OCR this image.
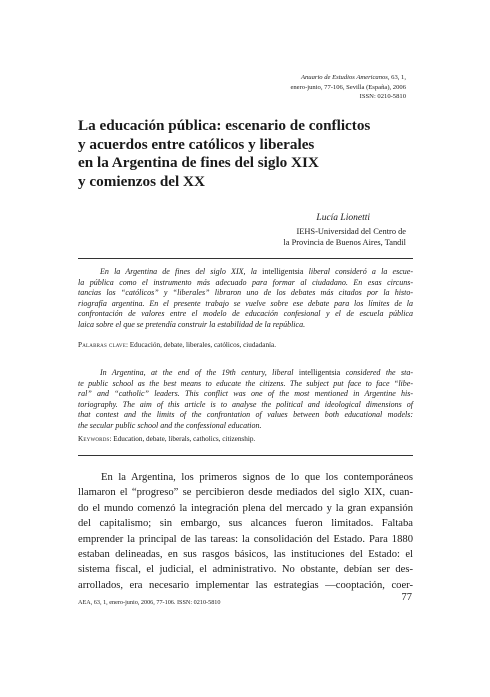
Anuario de Estudios Americanos, 63, 1,
enero-junio, 77-106, Sevilla (España), 2006
ISSN: 0210-5810
La educación pública: escenario de conflictos
y acuerdos entre católicos y liberales
en la Argentina de fines del siglo XIX
y comienzos del XX
Lucía Lionetti
IEHS-Universidad del Centro de
la Provincia de Buenos Aires, Tandil
En la Argentina de fines del siglo XIX, la intelligentsia liberal consideró a la escue-
la pública como el instrumento más adecuado para formar al ciudadano. En esas circuns-
tancias los “católicos” y “liberales” libraron uno de los debates más citados por la histo-
riografía argentina. En el presente trabajo se vuelve sobre ese debate para los límites de la
confrontación de valores entre el modelo de educación confesional y el de escuela pública
laica sobre el que se pretendía construir la estabilidad de la república.
Palabras clave: Educación, debate, liberales, católicos, ciudadanía.
In Argentina, at the end of the 19th century, liberal intelligentsia considered the sta-
te public school as the best means to educate the citizens. The subject put face to face “libe-
ral” and “catholic” leaders. This conflict was one of the most mentioned in Argentine his-
toriography. The aim of this article is to analyse the political and ideological dimensions of
that contest and the limits of the confrontation of values between both educational models:
the secular public school and the confessional education.
Keywords: Education, debate, liberals, catholics, citizenship.
En la Argentina, los primeros signos de lo que los contemporáneos
llamaron el “progreso” se percibieron desde mediados del siglo XIX, cuan-
do el mundo comenzó la integración plena del mercado y la gran expansión
del capitalismo; sin embargo, sus alcances fueron limitados. Faltaba
emprender la principal de las tareas: la consolidación del Estado. Para 1880
estaban delineadas, en sus rasgos básicos, las instituciones del Estado: el
sistema fiscal, el judicial, el administrativo. No obstante, debían ser des-
arrollados, era necesario implementar las estrategias —cooptación, coer-
AEA, 63, 1, enero-junio, 2006, 77-106. ISSN: 0210-5810	77
